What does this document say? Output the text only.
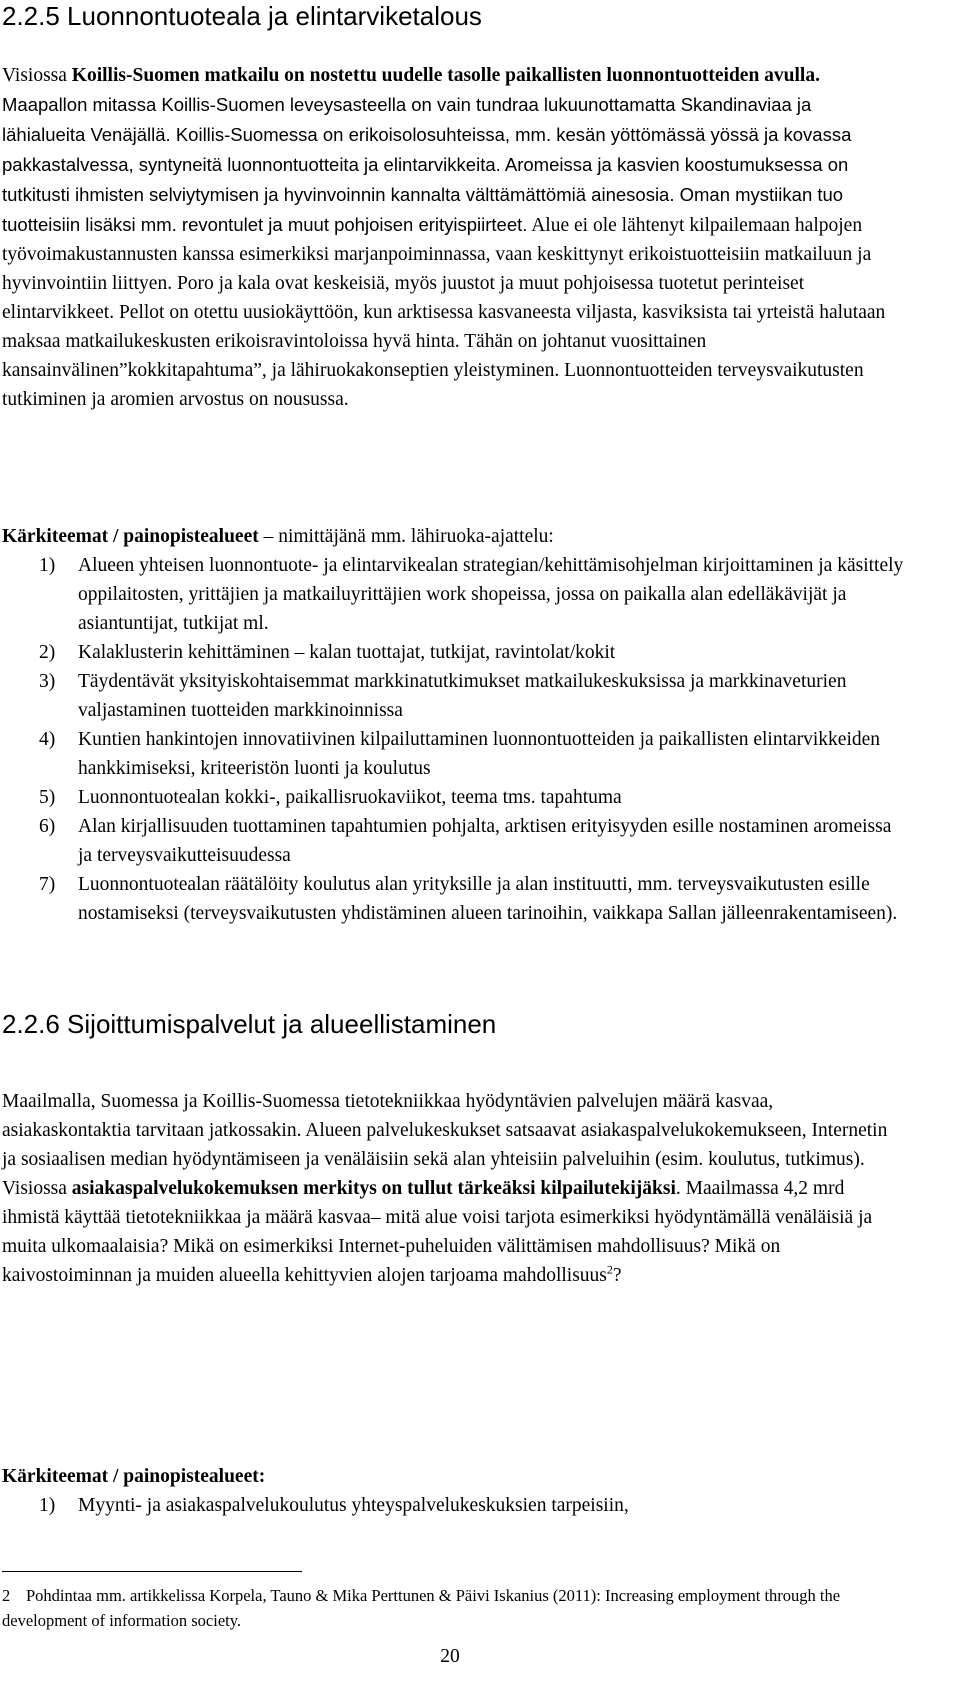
2.2.5 Luonnontuoteala ja elintarviketalous

Visiossa Koillis-Suomen matkailu on nostettu uudelle tasolle paikallisten luonnontuotteiden avulla. Maapallon mitassa Koillis-Suomen leveysasteella on vain tundraa lukuunottamatta Skandinaviaa ja lähialueita Venäjällä. Koillis-Suomessa on erikoisolosuhteissa, mm. kesän yöttömässä yössä ja kovassa pakkastalvessa, syntyneitä luonnontuotteita ja elintarvikkeita. Aromeissa ja kasvien koostumuksessa on tutkitusti ihmisten selviytymisen ja hyvinvoinnin kannalta välttämättömiä ainesosia. Oman mystiikan tuo tuotteisiin lisäksi mm. revontulet ja muut pohjoisen erityispiirteet. Alue ei ole lähtenyt kilpailemaan halpojen työvoimakustannusten kanssa esimerkiksi marjanpoiminnassa, vaan keskittynyt erikoistuotteisiin matkailuun ja hyvinvointiin liittyen. Poro ja kala ovat keskeisiä, myös juustot ja muut pohjoisessa tuotetut perinteiset elintarvikkeet. Pellot on otettu uusiokäyttöön, kun arktisessa kasvaneesta viljasta, kasviksista tai yrteistä halutaan maksaa matkailukeskusten erikoisravintoloissa hyvä hinta. Tähän on johtanut vuosittainen kansainvälinen”kokkitapahtuma”, ja lähiruokakonseptien yleistyminen. Luonnontuotteiden terveysvaikutusten tutkiminen ja aromien arvostus on nousussa.

Kärkiteemat / painopistealueet – nimittäjänä mm. lähiruoka-ajattelu:

1) Alueen yhteisen luonnontuote- ja elintarvikealan strategian/kehittämisohjelman kirjoittaminen ja käsittely oppilaitosten, yrittäjien ja matkailuyrittäjien work shopeissa, jossa on paikalla alan edelläkävijät ja asiantuntijat, tutkijat ml.
2) Kalaklusterin kehittäminen – kalan tuottajat, tutkijat, ravintolat/kokit
3) Täydentävät yksityiskohtaisemmat markkinatutkimukset matkailukeskuksissa ja markkinaveturien valjastaminen tuotteiden markkinoinnissa
4) Kuntien hankintojen innovatiivinen kilpailuttaminen luonnontuotteiden ja paikallisten elintarvikkeiden hankkimiseksi, kriteeristön luonti ja koulutus
5) Luonnontuotealan kokki-, paikallisruokaviikot, teema tms. tapahtuma
6) Alan kirjallisuuden tuottaminen tapahtumien pohjalta, arktisen erityisyyden esille nostaminen aromeissa ja terveysvaikutteisuudessa
7) Luonnontuotealan räätälöity koulutus alan yrityksille ja alan instituutti, mm. terveysvaikutusten esille nostamiseksi (terveysvaikutusten yhdistäminen alueen tarinoihin, vaikkapa Sallan jälleenrakentamiseen).
2.2.6 Sijoittumispalvelut ja alueellistaminen

Maailmalla, Suomessa ja Koillis-Suomessa tietotekniikkaa hyödyntävien palvelujen määrä kasvaa, asiakaskontaktia tarvitaan jatkossakin. Alueen palvelukeskukset satsaavat asiakaspalvelukokemukseen, Internetin ja sosiaalisen median hyödyntämiseen ja venäläisiin sekä alan yhteisiin palveluihin (esim. koulutus, tutkimus). Visiossa asiakaspalvelukokemuksen merkitys on tullut tärkeäksi kilpailutekijäksi. Maailmassa 4,2 mrd ihmistä käyttää tietotekniikkaa ja määrä kasvaa– mitä alue voisi tarjota esimerkiksi hyödyntämällä venäläisiä ja muita ulkomaalaisia? Mikä on esimerkiksi Internet-puheluiden välittämisen mahdollisuus? Mikä on kaivostoiminnan ja muiden alueella kehittyvien alojen tarjoama mahdollisuus$^2$?

Kärkiteemat / painopistealueet:

1) Myynti- ja asiakaspalvelukoulutus yhteyspalvelukeskuksien tarpeisiin,

2 Pohdintaa mm. artikkelissa Korpela, Tauno & Mika Perttunen & Päivi Iskanius (2011): Increasing employment through the development of information society.

20
